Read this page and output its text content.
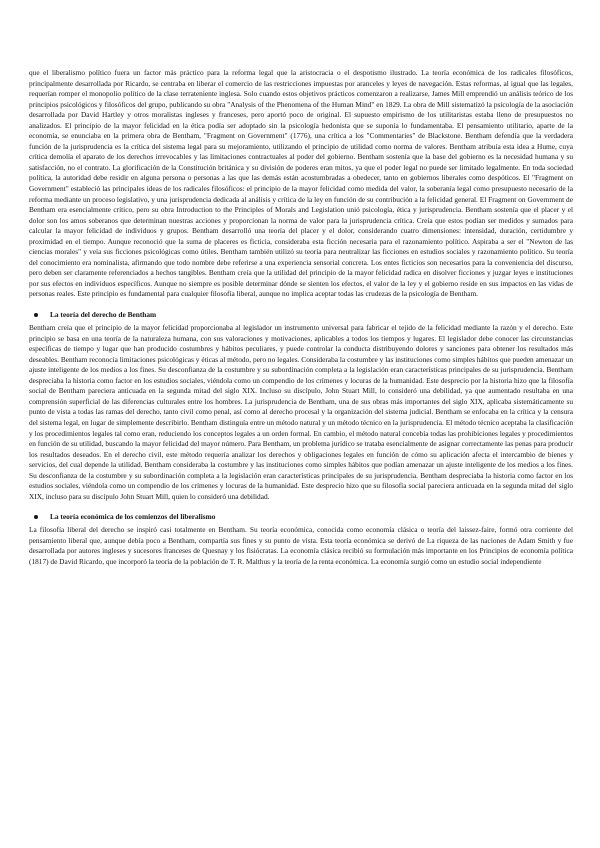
que el liberalismo político fuera un factor más práctico para la reforma legal que la aristocracia o el despotismo ilustrado. La teoría económica de los radicales filosóficos, principalmente desarrollada por Ricardo, se centraba en liberar el comercio de las restricciones impuestas por aranceles y leyes de navegación. Estas reformas, al igual que las legales, requerían romper el monopolio político de la clase terrateniente inglesa. Solo cuando estos objetivos prácticos comenzaron a realizarse, James Mill emprendió un análisis teórico de los principios psicológicos y filosóficos del grupo, publicando su obra "Analysis of the Phenomena of the Human Mind" en 1829. La obra de Mill sistematizó la psicología de la asociación desarrollada por David Hartley y otros moralistas ingleses y franceses, pero aportó poco de original. El supuesto empirismo de los utilitaristas estaba lleno de presupuestos no analizados. El principio de la mayor felicidad en la ética podía ser adoptado sin la psicología hedonista que se suponía lo fundamentaba. El pensamiento utilitario, aparte de la economía, se enunciaba en la primera obra de Bentham, "Fragment on Government" (1776), una crítica a los "Commentaries" de Blackstone. Bentham defendía que la verdadera función de la jurisprudencia es la crítica del sistema legal para su mejoramiento, utilizando el principio de utilidad como norma de valores. Bentham atribuía esta idea a Hume, cuya crítica demolía el aparato de los derechos irrevocables y las limitaciones contractuales al poder del gobierno. Bentham sostenía que la base del gobierno es la necesidad humana y su satisfacción, no el contrato. La glorificación de la Constitución británica y su división de poderes eran mitos, ya que el poder legal no puede ser limitado legalmente. En toda sociedad política, la autoridad debe residir en alguna persona o personas a las que las demás están acostumbradas a obedecer, tanto en gobiernos liberales como despóticos. El "Fragment on Government" estableció las principales ideas de los radicales filosóficos: el principio de la mayor felicidad como medida del valor, la soberanía legal como presupuesto necesario de la reforma mediante un proceso legislativo, y una jurisprudencia dedicada al análisis y crítica de la ley en función de su contribución a la felicidad general. El Fragment on Government de Bentham era esencialmente crítico, pero su obra Introduction to the Principles of Morals and Legislation unió psicología, ética y jurisprudencia. Bentham sostenía que el placer y el dolor son los amos soberanos que determinan nuestras acciones y proporcionan la norma de valor para la jurisprudencia crítica. Creía que estos podían ser medidos y sumados para calcular la mayor felicidad de individuos y grupos. Bentham desarrolló una teoría del placer y el dolor, considerando cuatro dimensiones: intensidad, duración, certidumbre y proximidad en el tiempo. Aunque reconoció que la suma de placeres es ficticia, consideraba esta ficción necesaria para el razonamiento político. Aspiraba a ser el "Newton de las ciencias morales" y veía sus ficciones psicológicas como útiles. Bentham también utilizó su teoría para neutralizar las ficciones en estudios sociales y razonamiento político. Su teoría del conocimiento era nominalista, afirmando que todo nombre debe referirse a una experiencia sensorial concreta. Los entes ficticios son necesarios para la conveniencia del discurso, pero deben ser claramente referenciados a hechos tangibles. Bentham creía que la utilidad del principio de la mayor felicidad radica en disolver ficciones y juzgar leyes e instituciones por sus efectos en individuos específicos. Aunque no siempre es posible determinar dónde se sienten los efectos, el valor de la ley y el gobierno reside en sus impactos en las vidas de personas reales. Este principio es fundamental para cualquier filosofía liberal, aunque no implica aceptar todas las crudezas de la psicología de Bentham.

La teoría del derecho de Bentham

Bentham creía que el principio de la mayor felicidad proporcionaba al legislador un instrumento universal para fabricar el tejido de la felicidad mediante la razón y el derecho. Este principio se basa en una teoría de la naturaleza humana, con sus valoraciones y motivaciones, aplicables a todos los tiempos y lugares. El legislador debe conocer las circunstancias específicas de tiempo y lugar que han producido costumbres y hábitos peculiares, y puede controlar la conducta distribuyendo dolores y sanciones para obtener los resultados más deseables. Bentham reconocía limitaciones psicológicas y éticas al método, pero no legales. Consideraba la costumbre y las instituciones como simples hábitos que pueden amenazar un ajuste inteligente de los medios a los fines. Su desconfianza de la costumbre y su subordinación completa a la legislación eran características principales de su jurisprudencia. Bentham despreciaba la historia como factor en los estudios sociales, viéndola como un compendio de los crímenes y locuras de la humanidad. Este desprecio por la historia hizo que la filosofía social de Bentham pareciera anticuada en la segunda mitad del siglo XIX. Incluso su discípulo, John Stuart Mill, lo consideró una debilidad, ya que aumentado resultaba en una comprensión superficial de las diferencias culturales entre los hombres. La jurisprudencia de Bentham, una de sus obras más importantes del siglo XIX, aplicaba sistemáticamente su punto de vista a todas las ramas del derecho, tanto civil como penal, así como al derecho procesal y la organización del sistema judicial. Bentham se enfocaba en la crítica y la censura del sistema legal, en lugar de simplemente describirlo. Bentham distinguía entre un método natural y un método técnico en la jurisprudencia. El método técnico aceptaba la clasificación y los procedimientos legales tal como eran, reduciendo los conceptos legales a un orden formal. En cambio, el método natural concebía todas las prohibiciones legales y procedimientos en función de su utilidad, buscando la mayor felicidad del mayor número. Para Bentham, un problema jurídico se trataba esencialmente de asignar correctamente las penas para producir los resultados deseados. En el derecho civil, este método requería analizar los derechos y obligaciones legales en función de cómo su aplicación afecta el intercambio de bienes y servicios, del cual depende la utilidad. Bentham consideraba la costumbre y las instituciones como simples hábitos que podían amenazar un ajuste inteligente de los medios a los fines. Su desconfianza de la costumbre y su subordinación completa a la legislación eran características principales de su jurisprudencia. Bentham despreciaba la historia como factor en los estudios sociales, viéndola como un compendio de los crímenes y locuras de la humanidad. Este desprecio hizo que su filosofía social pareciera anticuada en la segunda mitad del siglo XIX, incluso para su discípulo John Stuart Mill, quien lo consideró una debilidad.

La teoría económica de los comienzos del liberalismo

La filosofía liberal del derecho se inspiró casi totalmente en Bentham. Su teoría económica, conocida como economía clásica o teoría del laissez-faire, formó otra corriente del pensamiento liberal que, aunque debía poco a Bentham, compartía sus fines y su punto de vista. Esta teoría económica se derivó de La riqueza de las naciones de Adam Smith y fue desarrollada por autores ingleses y sucesores franceses de Quesnay y los fisiócratas. La economía clásica recibió su formulación más importante en los Principios de economía política (1817) de David Ricardo, que incorporó la teoría de la población de T. R. Malthus y la teoría de la renta económica. La economía surgió como un estudio social independiente
